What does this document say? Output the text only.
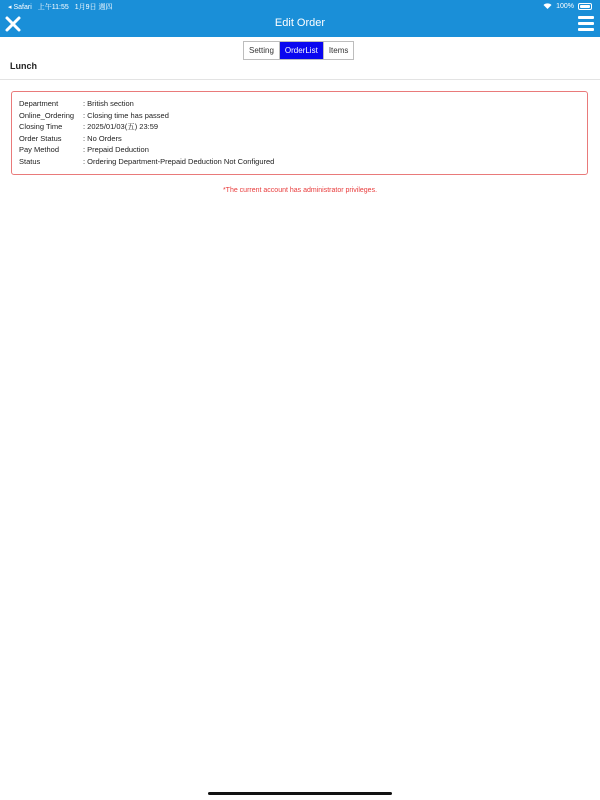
◂ Safari 上午11:55 1月9日 週四	100%
Edit Order
Setting	OrderList	Items
Lunch
Department	: British section
Online_Ordering	: Closing time has passed
Closing Time	: 2025/01/03(五) 23:59
Order Status	: No Orders
Pay Method	: Prepaid Deduction
Status	: Ordering Department-Prepaid Deduction Not Configured
*The current account has administrator privileges.
